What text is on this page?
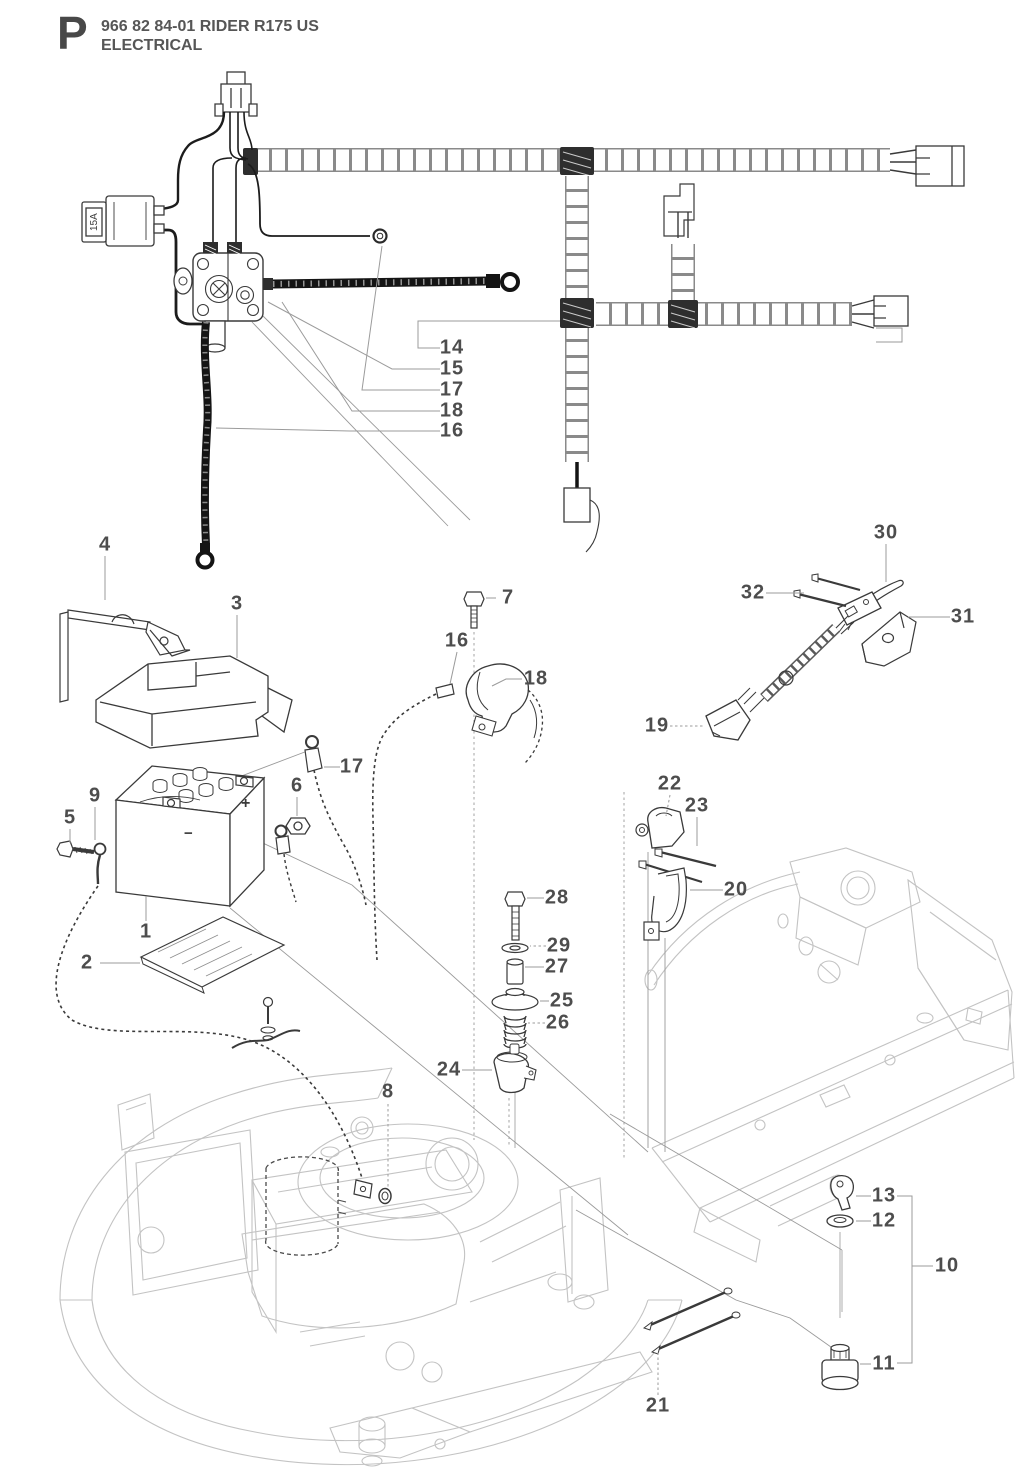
15A
+
−
P 966 82 84-01 RIDER R175 US
ELECTRICAL
14
15
17
18
16
4
3	7
16
18
30
32
31
19
17
6
9
5
1
2
22
23
20
28
29
27
25
26
24
8
13
12
10
11
21
